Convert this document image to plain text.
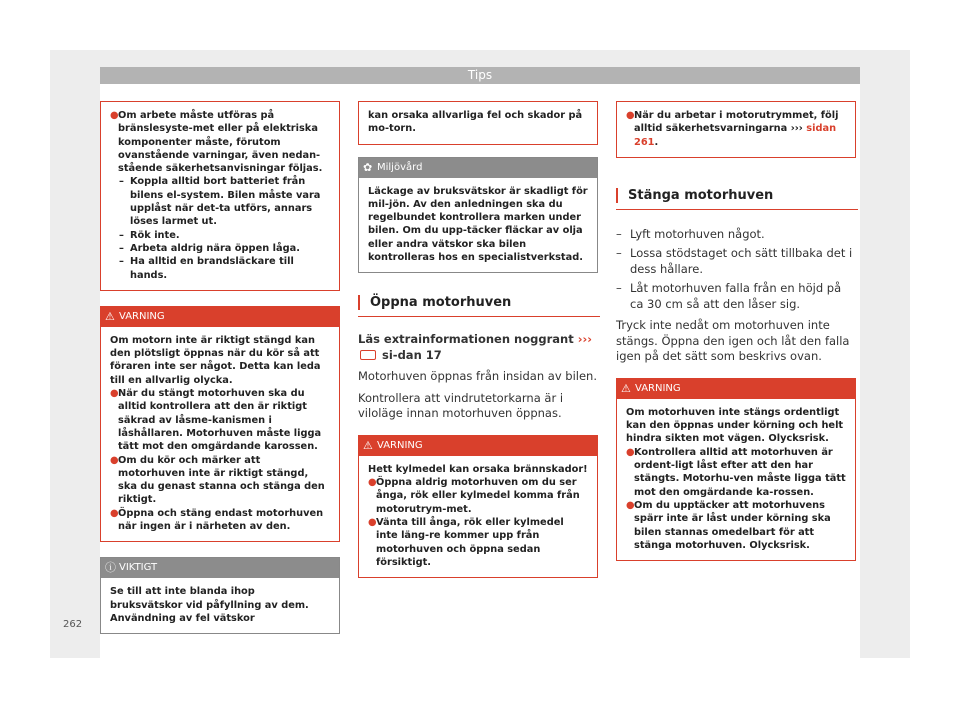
Tips

● Om arbete måste utföras på bränslesyste-met eller på elektriska komponenter måste, förutom ovanstående varningar, även nedan-stående säkerhetsanvisningar följas.

– Koppla alltid bort batteriet från bilens el-system. Bilen måste vara upplåst när det-ta utförs, annars löses larmet ut.

– Rök inte.

– Arbeta aldrig nära öppen låga.

– Ha alltid en brandsläckare till hands.

⚠ VARNING

Om motorn inte är riktigt stängd kan den plötsligt öppnas när du kör så att föraren inte ser något. Detta kan leda till en allvarlig olycka.

● När du stängt motorhuven ska du alltid kontrollera att den är riktigt säkrad av låsme-kanismen i låshållaren. Motorhuven måste ligga tätt mot den omgärdande karossen.

● Om du kör och märker att motorhuven inte är riktigt stängd, ska du genast stanna och stänga den riktigt.

● Öppna och stäng endast motorhuven när ingen är i närheten av den.

ⓘ VIKTIGT

Se till att inte blanda ihop bruksvätskor vid påfyllning av dem. Användning av fel vätskor

kan orsaka allvarliga fel och skador på mo-torn.

✿ Miljövård

Läckage av bruksvätskor är skadligt för mil-jön. Av den anledningen ska du regelbundet kontrollera marken under bilen. Om du upp-täcker fläckar av olja eller andra vätskor ska bilen kontrolleras hos en specialistverkstad.

Öppna motorhuven

Läs extrainformationen noggrant ›››  si-dan 17

Motorhuven öppnas från insidan av bilen.

Kontrollera att vindrutetorkarna är i viloläge innan motorhuven öppnas.

⚠ VARNING

Hett kylmedel kan orsaka brännskador!

● Öppna aldrig motorhuven om du ser ånga, rök eller kylmedel komma från motorutrym-met.

● Vänta till ånga, rök eller kylmedel inte läng-re kommer upp från motorhuven och öppna sedan försiktigt.

● När du arbetar i motorutrymmet, följ alltid säkerhetsvarningarna ››› sidan 261.

Stänga motorhuven

– Lyft motorhuven något.

– Lossa stödstaget och sätt tillbaka det i dess hållare.

– Låt motorhuven falla från en höjd på ca 30 cm så att den låser sig.

Tryck inte nedåt om motorhuven inte stängs. Öppna den igen och låt den falla igen på det sätt som beskrivs ovan.

⚠ VARNING

Om motorhuven inte stängs ordentligt kan den öppnas under körning och helt hindra sikten mot vägen. Olycksrisk.

● Kontrollera alltid att motorhuven är ordent-ligt låst efter att den har stängts. Motorhu-ven måste ligga tätt mot den omgärdande ka-rossen.

● Om du upptäcker att motorhuvens spärr inte är låst under körning ska bilen stannas omedelbart för att stänga motorhuven. Olycksrisk.

262
